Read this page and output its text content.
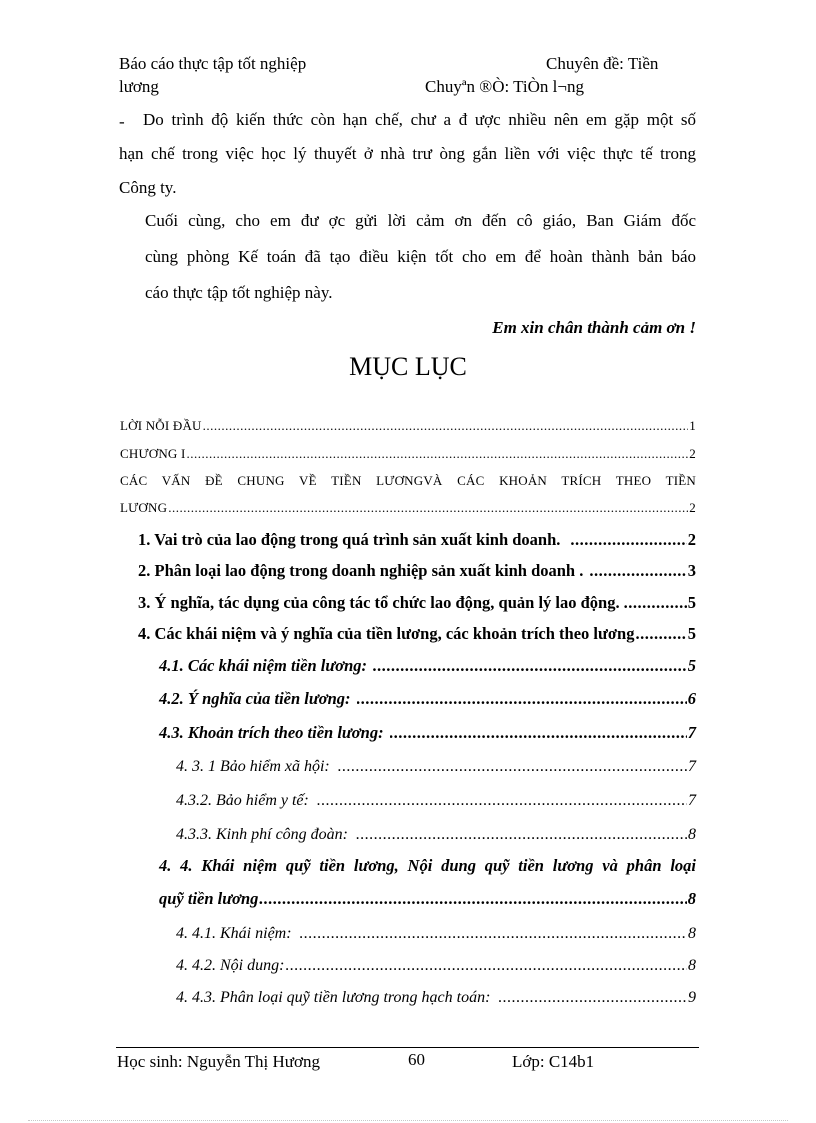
Báo cáo thực tập tốt nghiệp	Chuyên đề: Tiền
lương	Chuyªn ®Ò: TiÒn l¬ng
- Do trình độ kiến thức còn hạn chế, chư a đ ược nhiều nên em gặp một số
hạn chế trong việc học lý thuyết ở nhà trư òng gắn liền với việc thực tế trong
Công ty.
Cuối cùng, cho em đư ợc gửi lời cảm ơn đến cô giáo, Ban Giám đốc
cùng phòng Kế toán đã tạo điều kiện tốt cho em để hoàn thành bản báo
cáo thực tập tốt nghiệp này.
Em xin chân thành cảm ơn !
MỤC LỤC
LỜI NỖI ĐẦU .....	1
CHƯƠNG I .....	2
CÁC VẤN ĐỀ CHUNG VỀ TIỀN LƯƠNGVÀ CÁC KHOẢN TRÍCH THEO TIỀN
LƯƠNG .....	2
1. Vai trò của lao động trong quá trình sản xuất kinh doanh. .....	2
2. Phân loại lao động trong doanh nghiệp sản xuất kinh doanh . .....	3
3. Ý nghĩa, tác dụng của công tác tổ chức lao động, quản lý lao động. .....	5
4. Các khái niệm và ý nghĩa của tiền lương, các khoản trích theo lương .....	5
4.1. Các khái niệm tiền lương: .....	5
4.2. Ý nghĩa của tiền lương: .....	6
4.3. Khoản trích theo tiền lương: .....	7
4. 3. 1 Bảo hiểm xã hội: .....	7
4.3.2. Bảo hiểm y tế: .....	7
4.3.3. Kinh phí công đoàn: .....	8
4. 4. Khái niệm quỹ tiền lương, Nội dung quỹ tiền lương và phân loại
quỹ tiền lương .....	8
4. 4.1. Khái niệm: .....	8
4. 4.2. Nội dung: .....	8
4. 4.3. Phân loại quỹ tiền lương trong hạch toán: .....	9
Học sinh: Nguyễn Thị Hương	60	Lớp: C14b1
